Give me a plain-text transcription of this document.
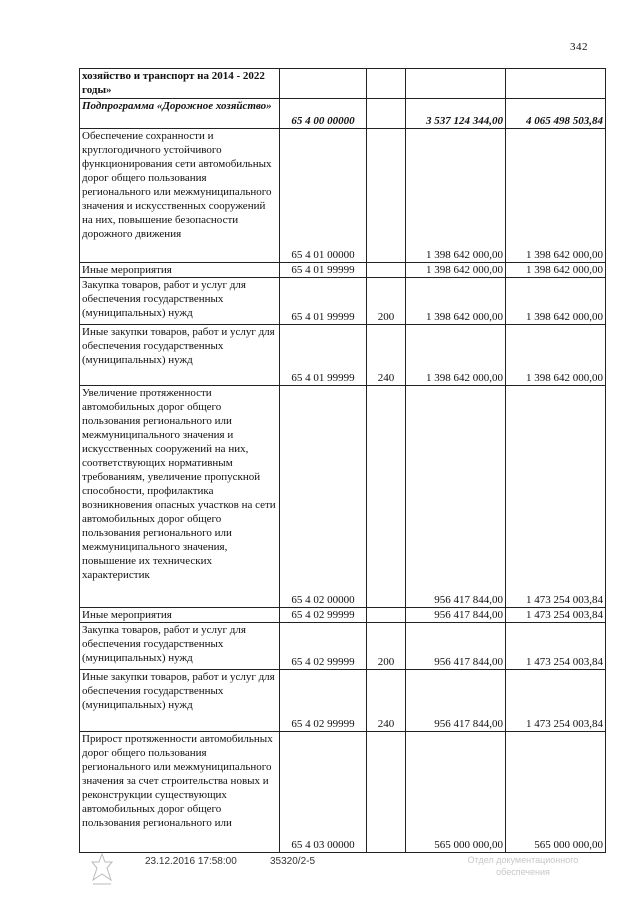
342
хозяйство и транспорт на 2014 - 2022 годы»				
Подпрограмма «Дорожное хозяйство»	65 4 00 00000		3 537 124 344,00	4 065 498 503,84
Обеспечение сохранности и круглогодичного устойчивого функционирования сети автомобильных дорог общего пользования регионального или межмуниципального значения и искусственных сооружений на них, повышение безопасности дорожного движения	65 4 01 00000		1 398 642 000,00	1 398 642 000,00
Иные мероприятия	65 4 01 99999		1 398 642 000,00	1 398 642 000,00
Закупка товаров, работ и услуг для обеспечения государственных (муниципальных) нужд	65 4 01 99999	200	1 398 642 000,00	1 398 642 000,00
Иные закупки товаров, работ и услуг для обеспечения государственных (муниципальных) нужд	65 4 01 99999	240	1 398 642 000,00	1 398 642 000,00
Увеличение протяженности автомобильных дорог общего пользования регионального или межмуниципального значения и искусственных сооружений на них, соответствующих нормативным требованиям, увеличение пропускной способности, профилактика возникновения опасных участков на сети автомобильных дорог общего пользования регионального или межмуниципального значения, повышение их технических характеристик	65 4 02 00000		956 417 844,00	1 473 254 003,84
Иные мероприятия	65 4 02 99999		956 417 844,00	1 473 254 003,84
Закупка товаров, работ и услуг для обеспечения государственных (муниципальных) нужд	65 4 02 99999	200	956 417 844,00	1 473 254 003,84
Иные закупки товаров, работ и услуг для обеспечения государственных (муниципальных) нужд	65 4 02 99999	240	956 417 844,00	1 473 254 003,84
Прирост протяженности автомобильных дорог общего пользования регионального или межмуниципального значения за счет строительства новых и реконструкции существующих автомобильных дорог общего пользования регионального или	65 4 03 00000		565 000 000,00	565 000 000,00
23.12.2016 17:58:00	35320/2-5	Отдел документационного обеспечения
